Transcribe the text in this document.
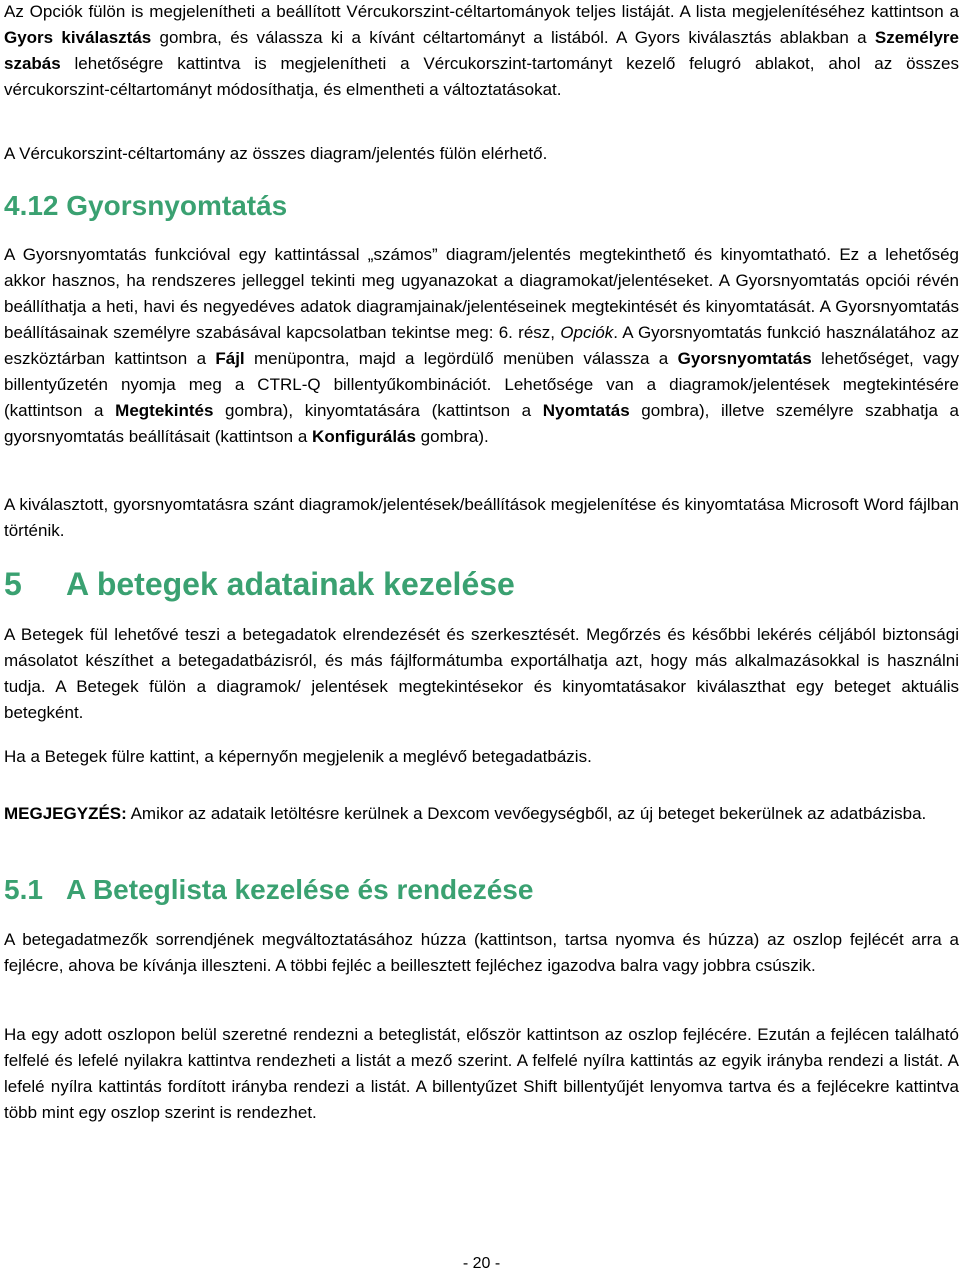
Az Opciók fülön is megjelenítheti a beállított Vércukorszint-céltartományok teljes listáját. A lista megjelenítéséhez kattintson a Gyors kiválasztás gombra, és válassza ki a kívánt céltartományt a listából. A Gyors kiválasztás ablakban a Személyre szabás lehetőségre kattintva is megjelenítheti a Vércukorszint-tartományt kezelő felugró ablakot, ahol az összes vércukorszint-céltartományt módosíthatja, és elmentheti a változtatásokat.

A Vércukorszint-céltartomány az összes diagram/jelentés fülön elérhető.

4.12 Gyorsnyomtatás

A Gyorsnyomtatás funkcióval egy kattintással „számos” diagram/jelentés megtekinthető és kinyomtatható. Ez a lehetőség akkor hasznos, ha rendszeres jelleggel tekinti meg ugyanazokat a diagramokat/jelentéseket. A Gyorsnyomtatás opciói révén beállíthatja a heti, havi és negyedéves adatok diagramjainak/jelentéseinek megtekintését és kinyomtatását. A Gyorsnyomtatás beállításainak személyre szabásával kapcsolatban tekintse meg: 6. rész, Opciók. A Gyorsnyomtatás funkció használatához az eszköztárban kattintson a Fájl menüpontra, majd a legördülő menüben válassza a Gyorsnyomtatás lehetőséget, vagy billentyűzetén nyomja meg a CTRL-Q billentyűkombinációt. Lehetősége van a diagramok/jelentések megtekintésére (kattintson a Megtekintés gombra), kinyomtatására (kattintson a Nyomtatás gombra), illetve személyre szabhatja a gyorsnyomtatás beállításait (kattintson a Konfigurálás gombra).

A kiválasztott, gyorsnyomtatásra szánt diagramok/jelentések/beállítások megjelenítése és kinyomtatása Microsoft Word fájlban történik.

5 A betegek adatainak kezelése

A Betegek fül lehetővé teszi a betegadatok elrendezését és szerkesztését. Megőrzés és későbbi lekérés céljából biztonsági másolatot készíthet a betegadatbázisról, és más fájlformátumba exportálhatja azt, hogy más alkalmazásokkal is használni tudja. A Betegek fülön a diagramok/ jelentések megtekintésekor és kinyomtatásakor kiválaszthat egy beteget aktuális betegként.

Ha a Betegek fülre kattint, a képernyőn megjelenik a meglévő betegadatbázis.

MEGJEGYZÉS: Amikor az adataik letöltésre kerülnek a Dexcom vevőegységből, az új beteget bekerülnek az adatbázisba.

5.1 A Beteglista kezelése és rendezése

A betegadatmezők sorrendjének megváltoztatásához húzza (kattintson, tartsa nyomva és húzza) az oszlop fejlécét arra a fejlécre, ahova be kívánja illeszteni. A többi fejléc a beillesztett fejléchez igazodva balra vagy jobbra csúszik.

Ha egy adott oszlopon belül szeretné rendezni a beteglistát, először kattintson az oszlop fejlécére. Ezután a fejlécen található felfelé és lefelé nyilakra kattintva rendezheti a listát a mező szerint. A felfelé nyílra kattintás az egyik irányba rendezi a listát. A lefelé nyílra kattintás fordított irányba rendezi a listát. A billentyűzet Shift billentyűjét lenyomva tartva és a fejlécekre kattintva több mint egy oszlop szerint is rendezhet.

- 20 -
